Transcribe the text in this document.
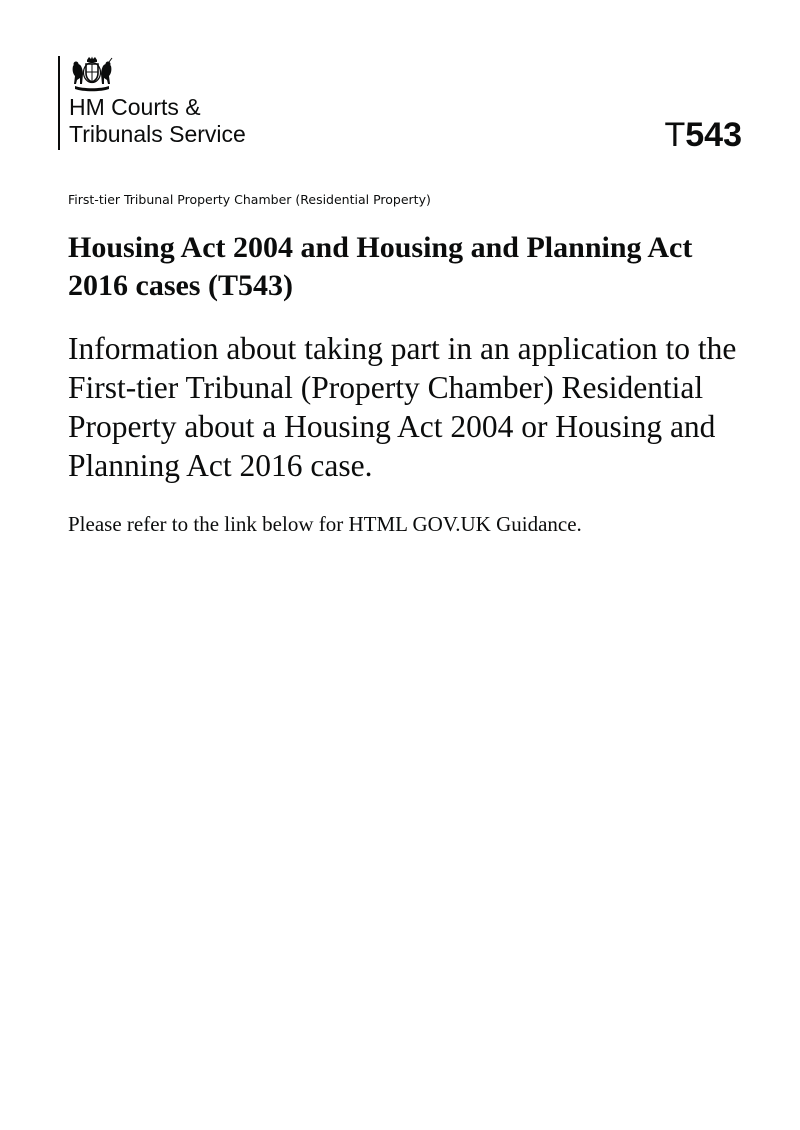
HM Courts &
Tribunals Service	T543
First-tier Tribunal Property Chamber (Residential Property)
Housing Act 2004 and Housing and Planning Act 2016 cases (T543)

Information about taking part in an application to the First-tier Tribunal (Property Chamber) Residential Property about a Housing Act 2004 or Housing and Planning Act 2016 case.

Please refer to the link below for HTML GOV.UK Guidance.
